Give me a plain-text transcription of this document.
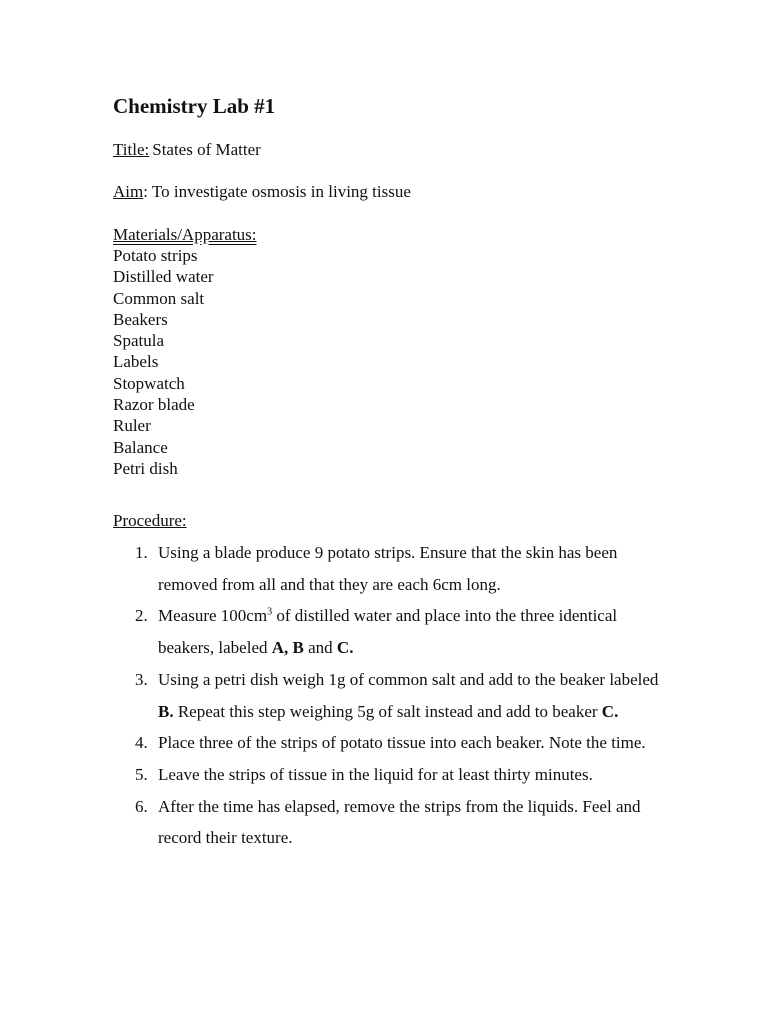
Chemistry Lab #1
Title: States of Matter
Aim: To investigate osmosis in living tissue
Materials/Apparatus:
Potato strips
Distilled water
Common salt
Beakers
Spatula
Labels
Stopwatch
Razor blade
Ruler
Balance
Petri dish
Procedure:
1. Using a blade produce 9 potato strips. Ensure that the skin has been removed from all and that they are each 6cm long.
2. Measure $100cm^3$ of distilled water and place into the three identical beakers, labeled A, B and C.
3. Using a petri dish weigh 1g of common salt and add to the beaker labeled B. Repeat this step weighing 5g of salt instead and add to beaker C.
4. Place three of the strips of potato tissue into each beaker. Note the time.
5. Leave the strips of tissue in the liquid for at least thirty minutes.
6. After the time has elapsed, remove the strips from the liquids. Feel and record their texture.
